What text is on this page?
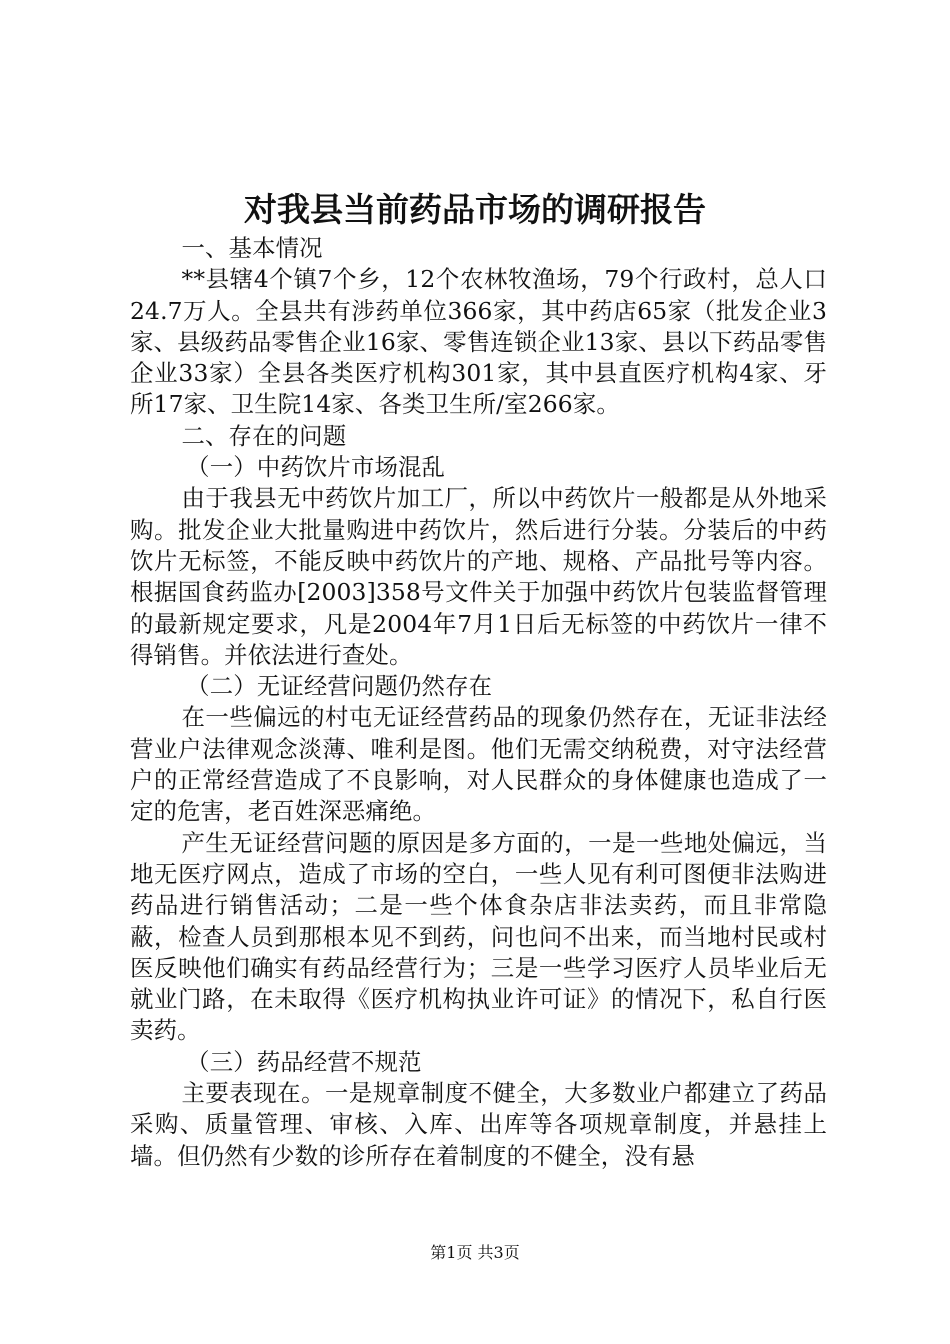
对我县当前药品市场的调研报告

一、基本情况

**县辖4个镇7个乡，12个农林牧渔场，79个行政村，总人口24.7万人。全县共有涉药单位366家，其中药店65家（批发企业3家、县级药品零售企业16家、零售连锁企业13家、县以下药品零售企业33家）全县各类医疗机构301家，其中县直医疗机构4家、牙所17家、卫生院14家、各类卫生所/室266家。

二、存在的问题

（一）中药饮片市场混乱

由于我县无中药饮片加工厂，所以中药饮片一般都是从外地采购。批发企业大批量购进中药饮片，然后进行分装。分装后的中药饮片无标签，不能反映中药饮片的产地、规格、产品批号等内容。根据国食药监办[2003]358号文件关于加强中药饮片包装监督管理的最新规定要求，凡是2004年7月1日后无标签的中药饮片一律不得销售。并依法进行查处。

（二）无证经营问题仍然存在

在一些偏远的村屯无证经营药品的现象仍然存在，无证非法经营业户法律观念淡薄、唯利是图。他们无需交纳税费，对守法经营户的正常经营造成了不良影响，对人民群众的身体健康也造成了一定的危害，老百姓深恶痛绝。

产生无证经营问题的原因是多方面的，一是一些地处偏远，当地无医疗网点，造成了市场的空白，一些人见有利可图便非法购进药品进行销售活动；二是一些个体食杂店非法卖药，而且非常隐蔽，检查人员到那根本见不到药，问也问不出来，而当地村民或村医反映他们确实有药品经营行为；三是一些学习医疗人员毕业后无就业门路，在未取得《医疗机构执业许可证》的情况下，私自行医卖药。

（三）药品经营不规范

主要表现在。一是规章制度不健全，大多数业户都建立了药品采购、质量管理、审核、入库、出库等各项规章制度，并悬挂上墙。但仍然有少数的诊所存在着制度的不健全，没有悬

第1页 共3页
